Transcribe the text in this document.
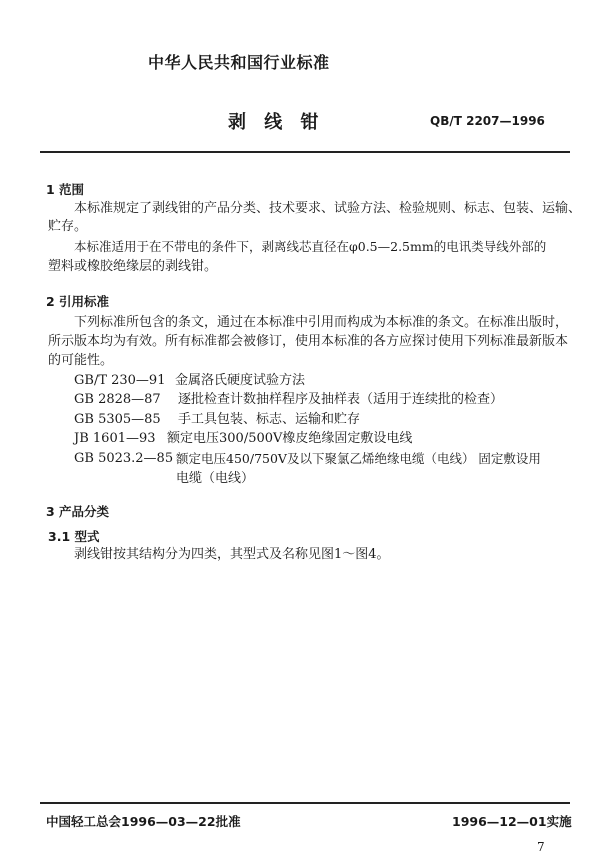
中华人民共和国行业标准
剥 线 钳	QB/T 2207—1996
1 范围
本标准规定了剥线钳的产品分类、技术要求、试验方法、检验规则、标志、包装、运输、
贮存。
本标准适用于在不带电的条件下，剥离线芯直径在φ0.5—2.5mm的电讯类导线外部的
塑料或橡胶绝缘层的剥线钳。
2 引用标准
下列标准所包含的条文，通过在本标准中引用而构成为本标准的条文。在标准出版时，
所示版本均为有效。所有标准都会被修订，使用本标准的各方应探讨使用下列标准最新版本
的可能性。
GB/T 230—91 金属洛氏硬度试验方法
GB 2828—87 逐批检查计数抽样程序及抽样表（适用于连续批的检查）
GB 5305—85 手工具包装、标志、运输和贮存
JB 1601—93 额定电压300/500V橡皮绝缘固定敷设电线
GB 5023.2—85 额定电压450/750V及以下聚氯乙烯绝缘电缆（电线） 固定敷设用
电缆（电线）
3 产品分类
3.1 型式
剥线钳按其结构分为四类，其型式及名称见图1～图4。
中国轻工总会1996—03—22批准	1996—12—01实施
7
